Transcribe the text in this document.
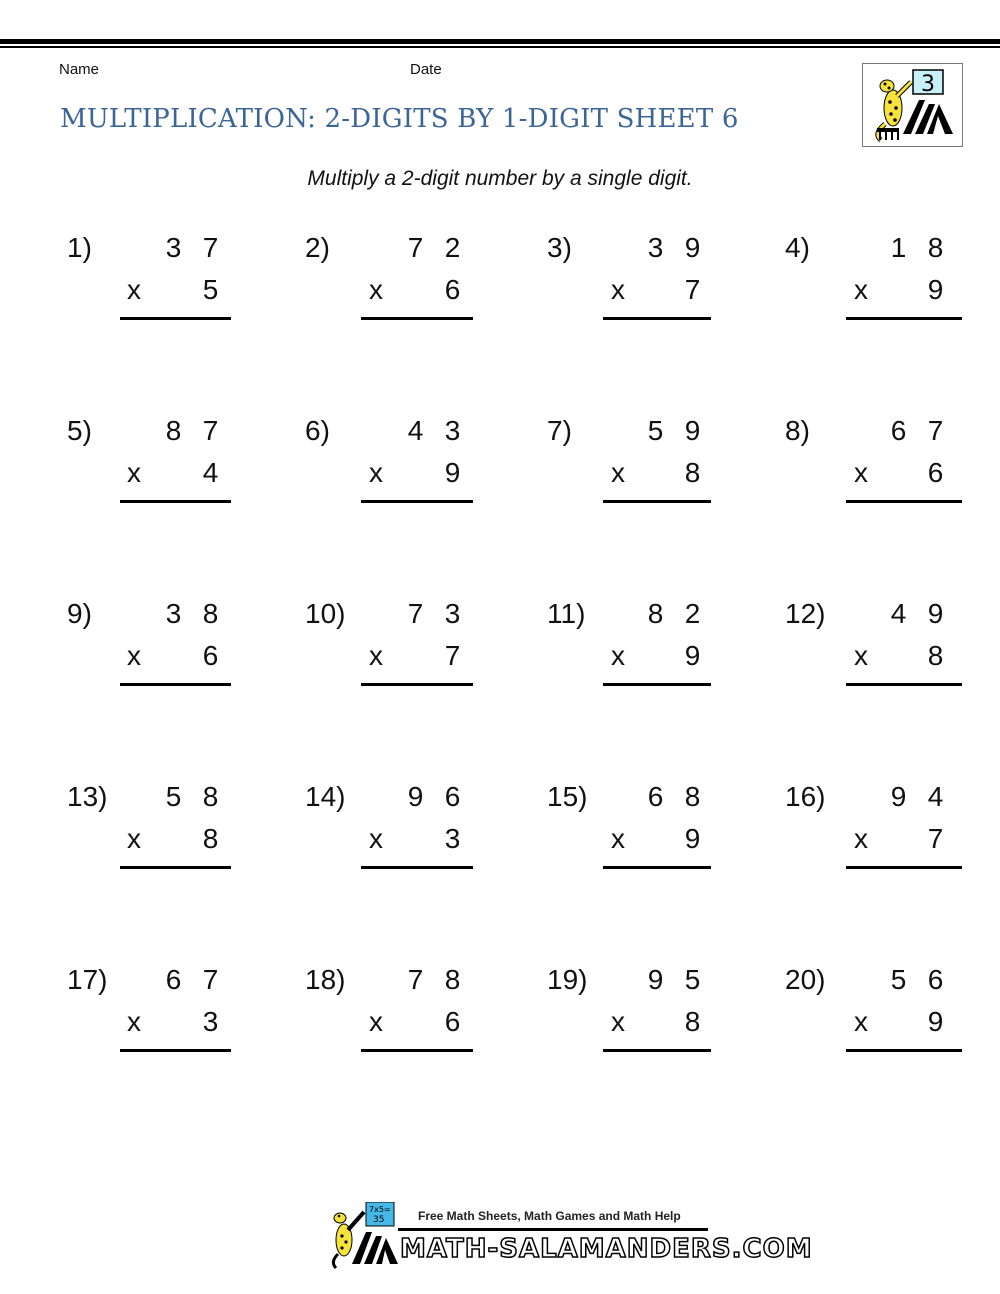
Name	Date
MULTIPLICATION: 2-DIGITS BY 1-DIGIT SHEET 6
3
Multiply a 2-digit number by a single digit.
1)	3 7
x	5
2)	7 2
x	6
3)	3 9
x	7
4)	1 8
x	9
5)	8 7
x	4
6)	4 3
x	9
7)	5 9
x	8
8)	6 7
x	6
9)	3 8
x	6
10)	7 3
x	7
11)	8 2
x	9
12)	4 9
x	8
13)	5 8
x	8
14)	9 6
x	3
15)	6 8
x	9
16)	9 4
x	7
17)	6 7
x	3
18)	7 8
x	6
19)	9 5
x	8
20)	5 6
x	9
7x5=
35	Free Math Sheets, Math Games and Math Help
MATH-SALAMANDERS.COM
